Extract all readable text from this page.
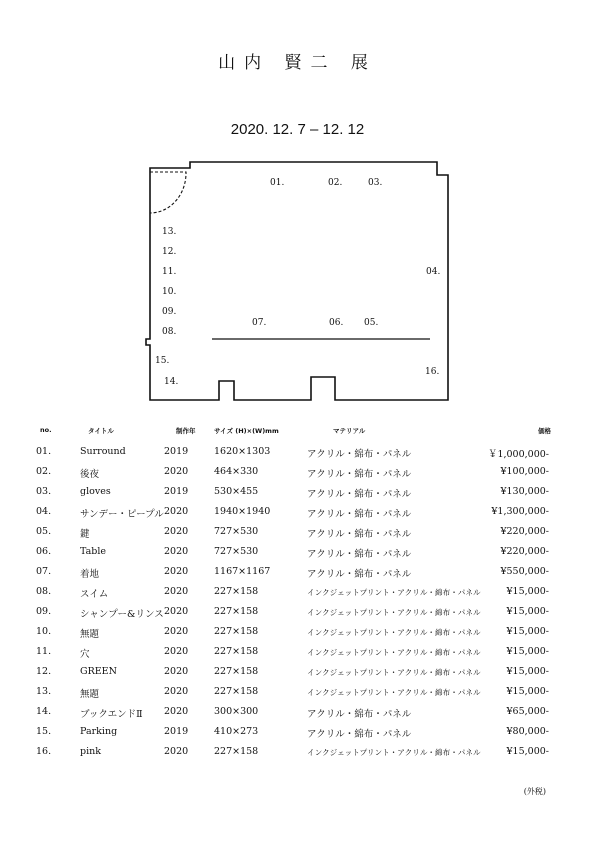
山内 賢二 展
2020. 12. 7 – 12. 12
01.	02.	03.
04.
05.
06.
07.
08.
09.
10.
11.
12.
13.
14.
15.
16.
no.	タイトル	制作年	サイズ (H)×(W)mm	マテリアル	価格
01.	Surround	2019	1620×1303	アクリル・綿布・パネル	￥1,000,000-
02.	後夜	2020	464×330	アクリル・綿布・パネル	¥100,000-
03.	gloves	2019	530×455	アクリル・綿布・パネル	¥130,000-
04.	サンデー・ピープル 2020	1940×1940	アクリル・綿布・パネル	¥1,300,000-
05.	鍵	2020	727×530	アクリル・綿布・パネル	¥220,000-
06.	Table	2020	727×530	アクリル・綿布・パネル	¥220,000-
07.	着地	2020	1167×1167	アクリル・綿布・パネル	¥550,000-
08.	スイム	2020	227×158	インクジェットプリント・アクリル・綿布・パネル	¥15,000-
09.	シャンプー&リンス 2020	227×158	インクジェットプリント・アクリル・綿布・パネル	¥15,000-
10.	無題	2020	227×158	インクジェットプリント・アクリル・綿布・パネル	¥15,000-
11.	穴	2020	227×158	インクジェットプリント・アクリル・綿布・パネル	¥15,000-
12.	GREEN	2020	227×158	インクジェットプリント・アクリル・綿布・パネル	¥15,000-
13.	無題	2020	227×158	インクジェットプリント・アクリル・綿布・パネル	¥15,000-
14.	ブックエンドⅡ 2020	300×300	アクリル・綿布・パネル	¥65,000-
15.	Parking	2019	410×273	アクリル・綿布・パネル	¥80,000-
16.	pink	2020	227×158	インクジェットプリント・アクリル・綿布・パネル	¥15,000-
(外税)
